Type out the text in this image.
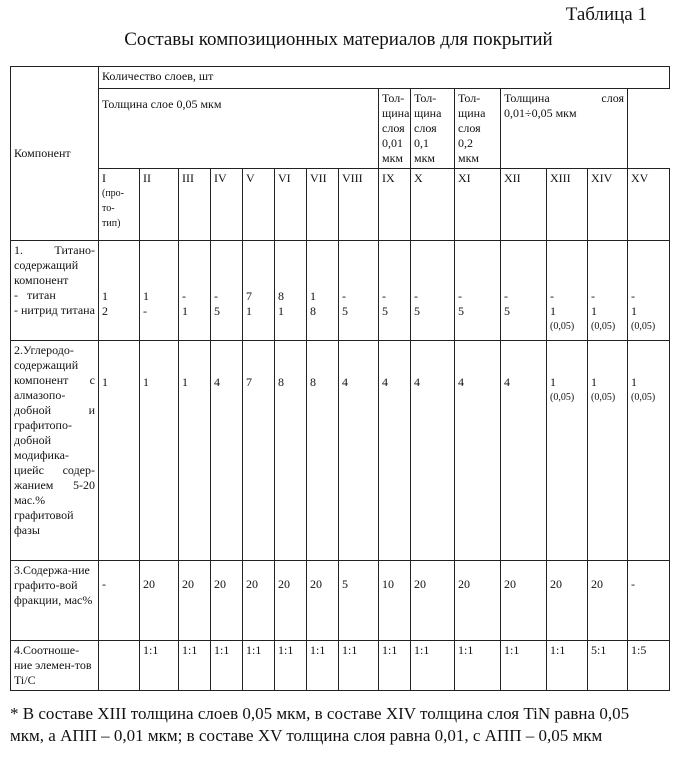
Таблица 1
Составы композиционных материалов для покрытий
Компонент	Количество слоев, шт
Толщина слое 0,05 мкм	Тол-щина слоя 0,01 мкм	Тол-щина слоя 0,1 мкм	Тол-щина слоя 0,2 мкм	Толщина слоя 0,01÷0,05 мкм

I
(про-то-тип)

II	III	IV	V	VI	VII	VIII	IX	X	XI	XII	XIII	XIV	XV

1. Титано-содержащий компонент
-   титан
- нитрид титана

1
2

1
-

-
1

-
5

7
1

8
1

1
8

-
5

-
5

-
5

-
5

-
5

-
1
(0,05)

-
1
(0,05)

-
1
(0,05)

2.Углеродо-содержащий компонент с алмазопо-добной и графитопо-добной модифика-циейс содер-жанием 5-20 мас.% графитовой фазы	
1	1	1	4	7	8	8	4	4	4	4	4	1
(0,05)

1
(0,05)

1
(0,05)

3.Содержа-ние графито-вой фракции, мас%	-	20	20	20	20	20	20	5	10	20	20	20	20	20	-
4.Соотноше-ние элемен-тов Ti/C		1:1	1:1	1:1	1:1	1:1	1:1	1:1	1:1	1:1	1:1	1:1	1:1	5:1	1:5
* В составе XIII толщина слоев 0,05 мкм, в составе XIV толщина слоя TiN равна 0,05 мкм, а АПП – 0,01 мкм; в составе XV толщина слоя равна 0,01, с АПП – 0,05 мкм
